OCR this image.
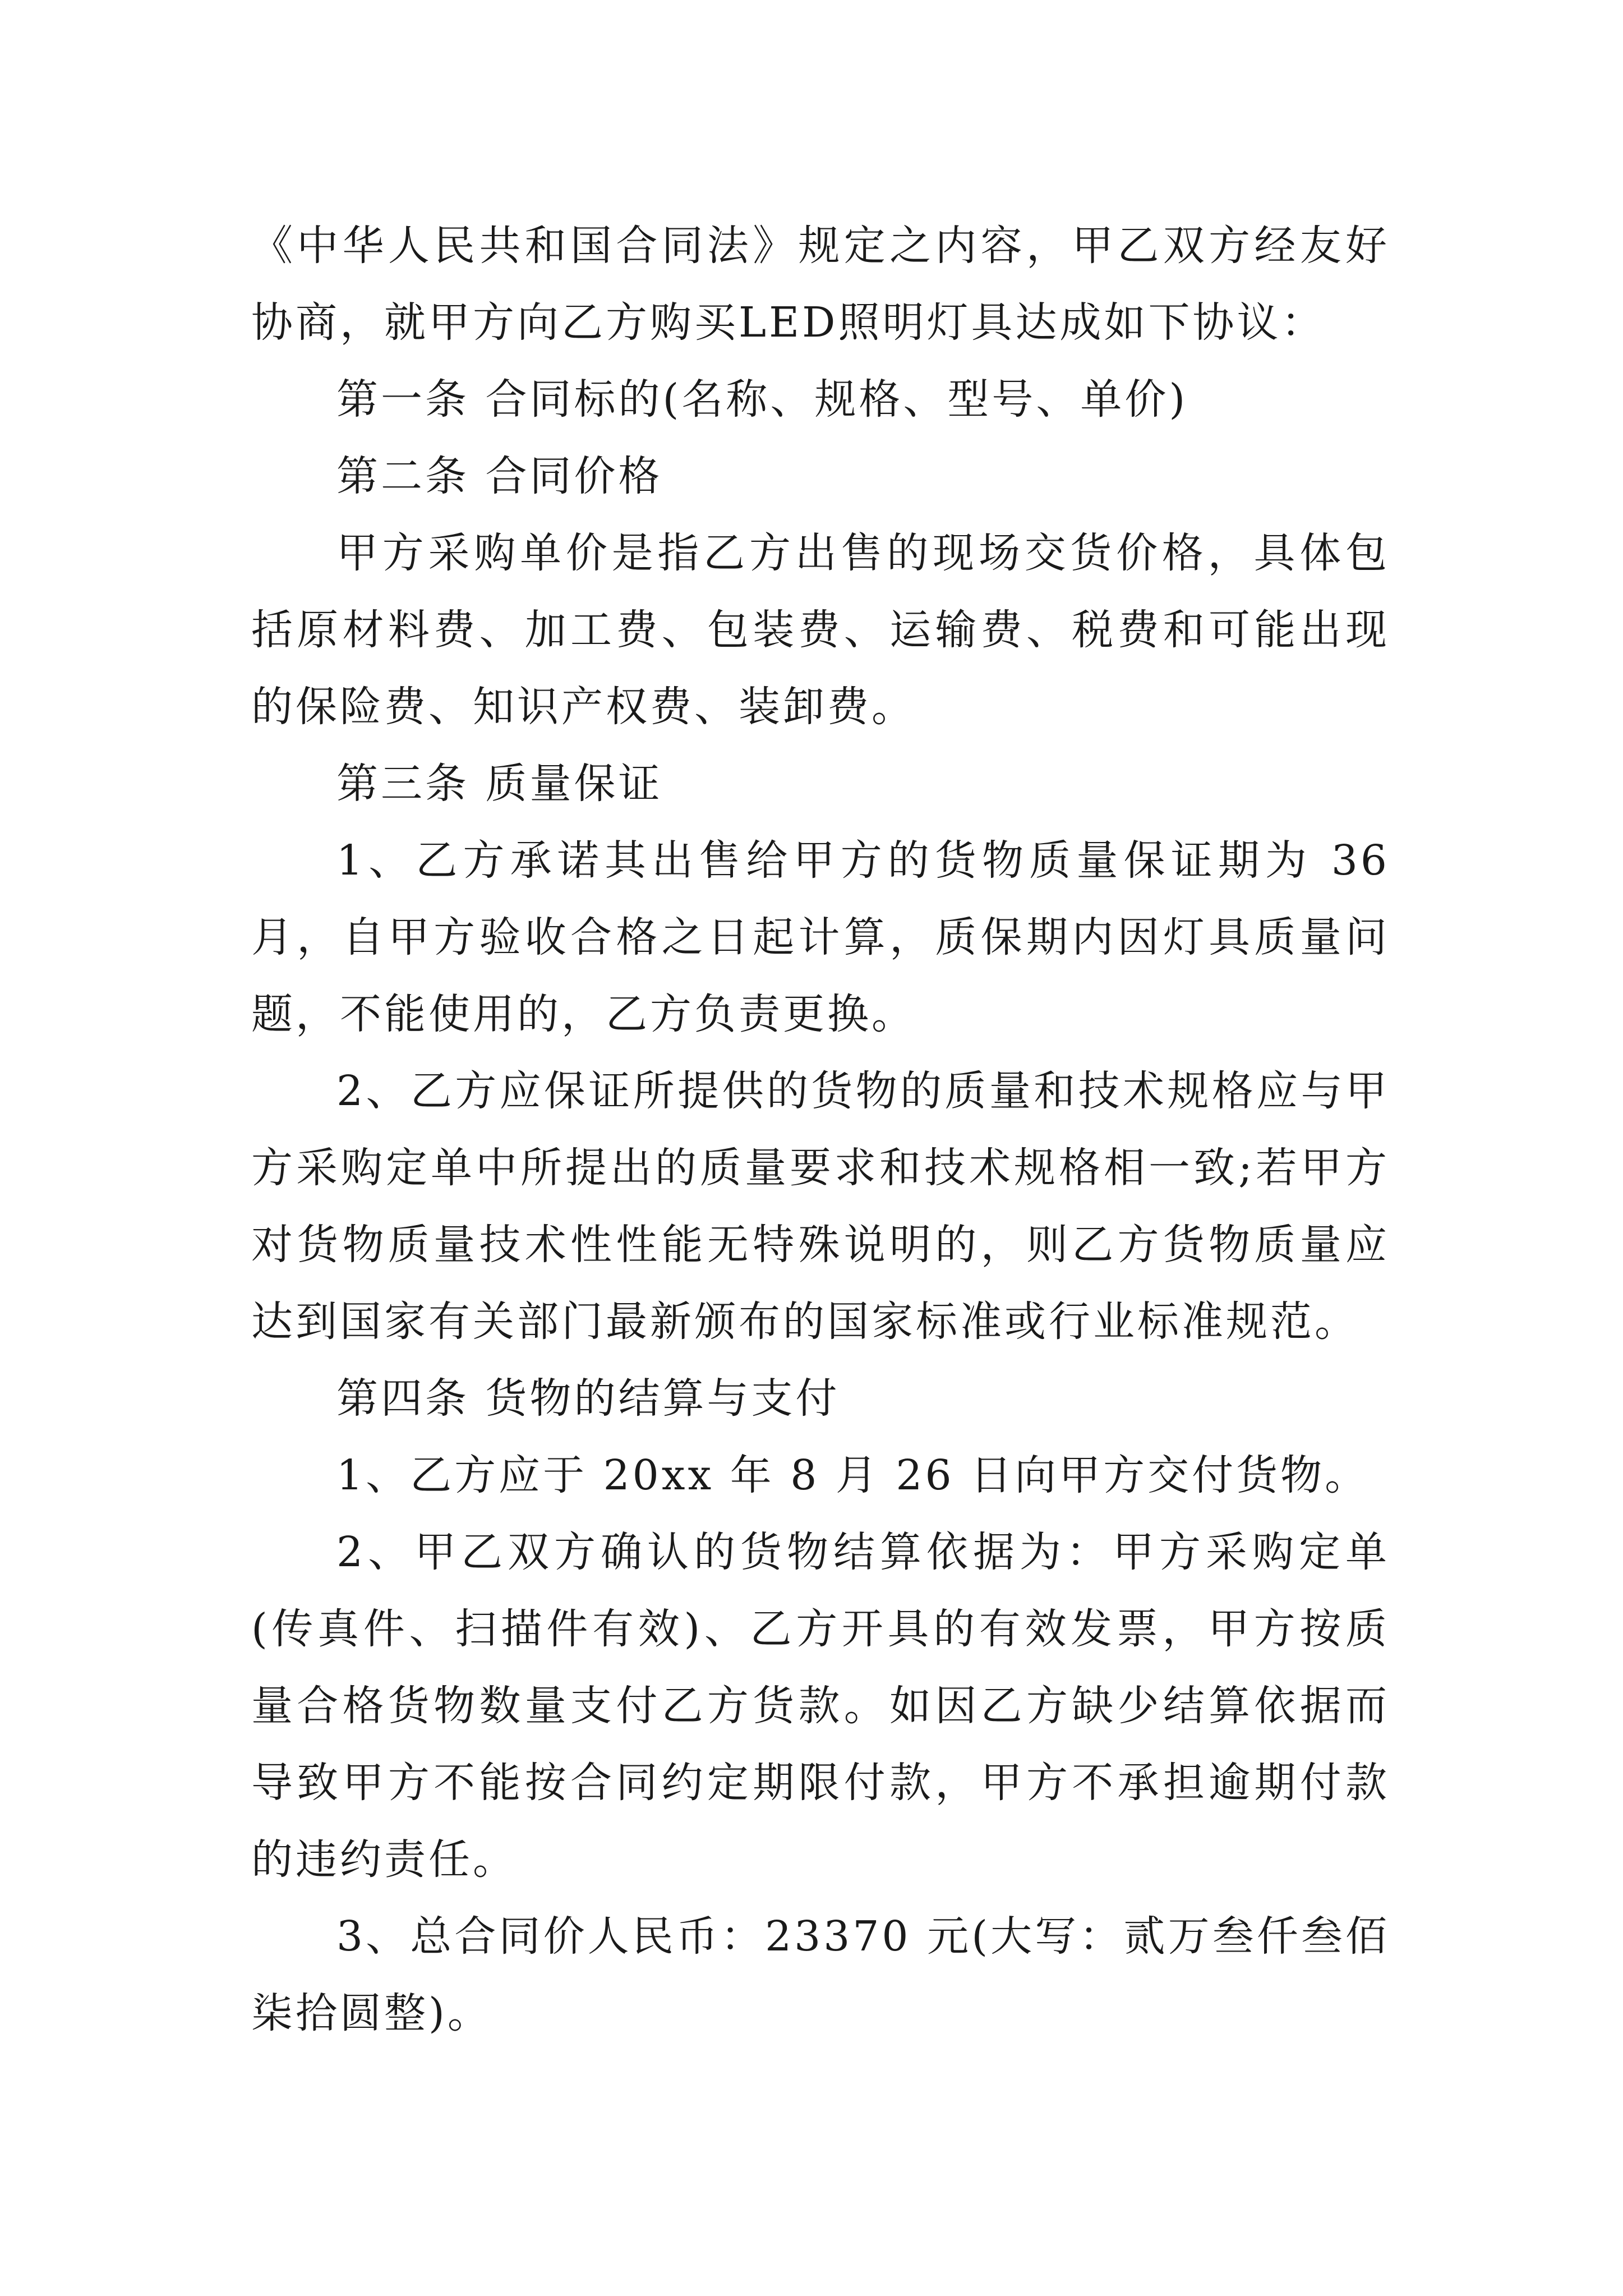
《中华人民共和国合同法》规定之内容，甲乙双方经友好协商，就甲方向乙方购买LED照明灯具达成如下协议：

第一条 合同标的(名称、规格、型号、单价)

第二条 合同价格

甲方采购单价是指乙方出售的现场交货价格，具体包括原材料费、加工费、包装费、运输费、税费和可能出现的保险费、知识产权费、装卸费。

第三条 质量保证

1、乙方承诺其出售给甲方的货物质量保证期为 36 月，自甲方验收合格之日起计算，质保期内因灯具质量问题，不能使用的，乙方负责更换。

2、乙方应保证所提供的货物的质量和技术规格应与甲方采购定单中所提出的质量要求和技术规格相一致;若甲方对货物质量技术性性能无特殊说明的，则乙方货物质量应达到国家有关部门最新颁布的国家标准或行业标准规范。

第四条 货物的结算与支付

1、乙方应于 20xx 年 8 月 26 日向甲方交付货物。

2、甲乙双方确认的货物结算依据为：甲方采购定单(传真件、扫描件有效)、乙方开具的有效发票，甲方按质量合格货物数量支付乙方货款。如因乙方缺少结算依据而导致甲方不能按合同约定期限付款，甲方不承担逾期付款的违约责任。

3、总合同价人民币：23370 元(大写：贰万叁仟叁佰柒拾圆整)。
